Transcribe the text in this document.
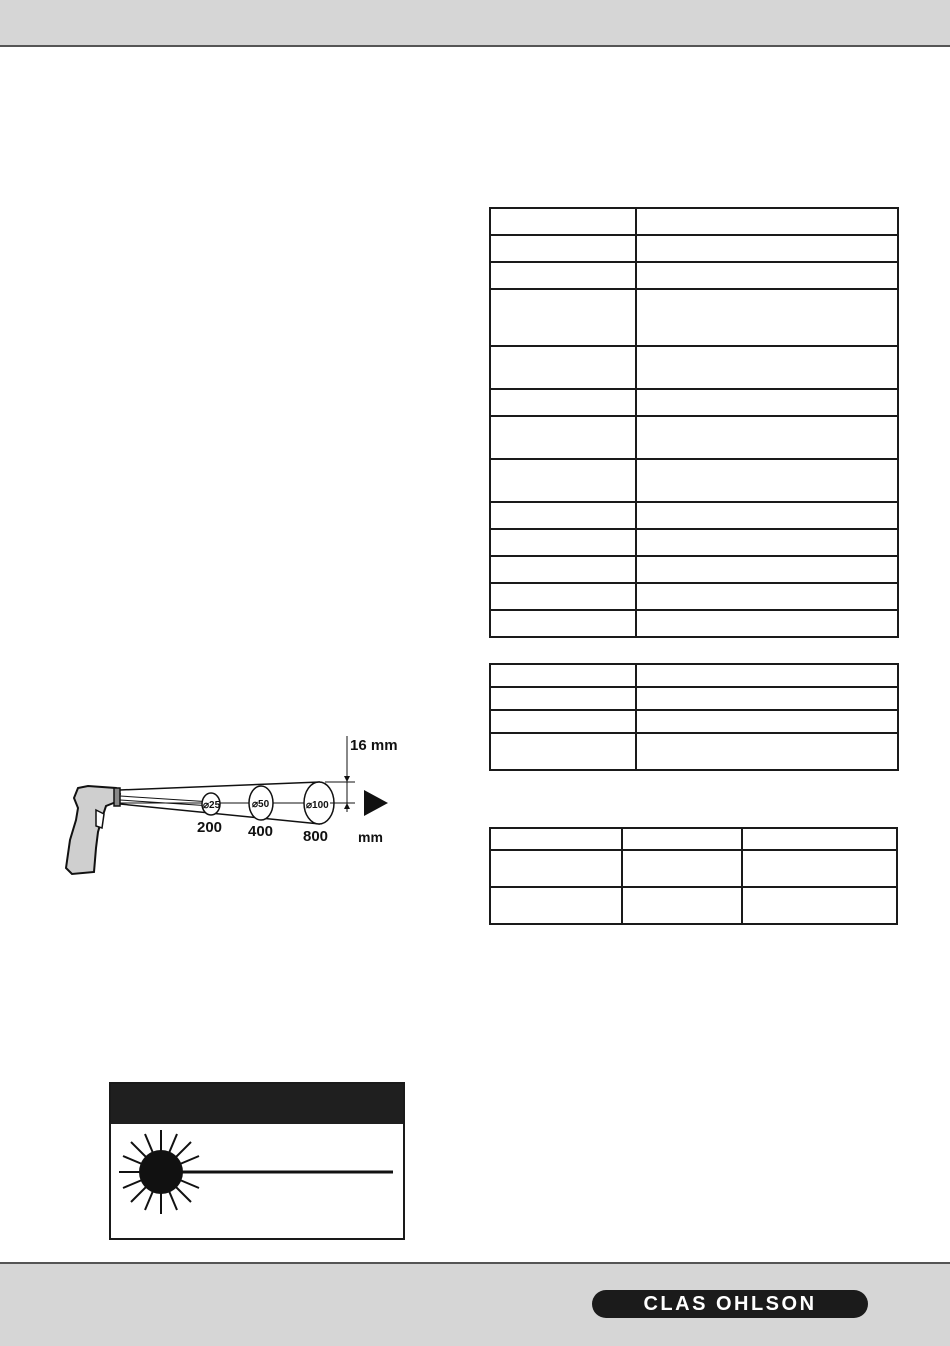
⌀25	⌀50	⌀100
200 400 800
16 mm
mm
CLAS OHLSON
